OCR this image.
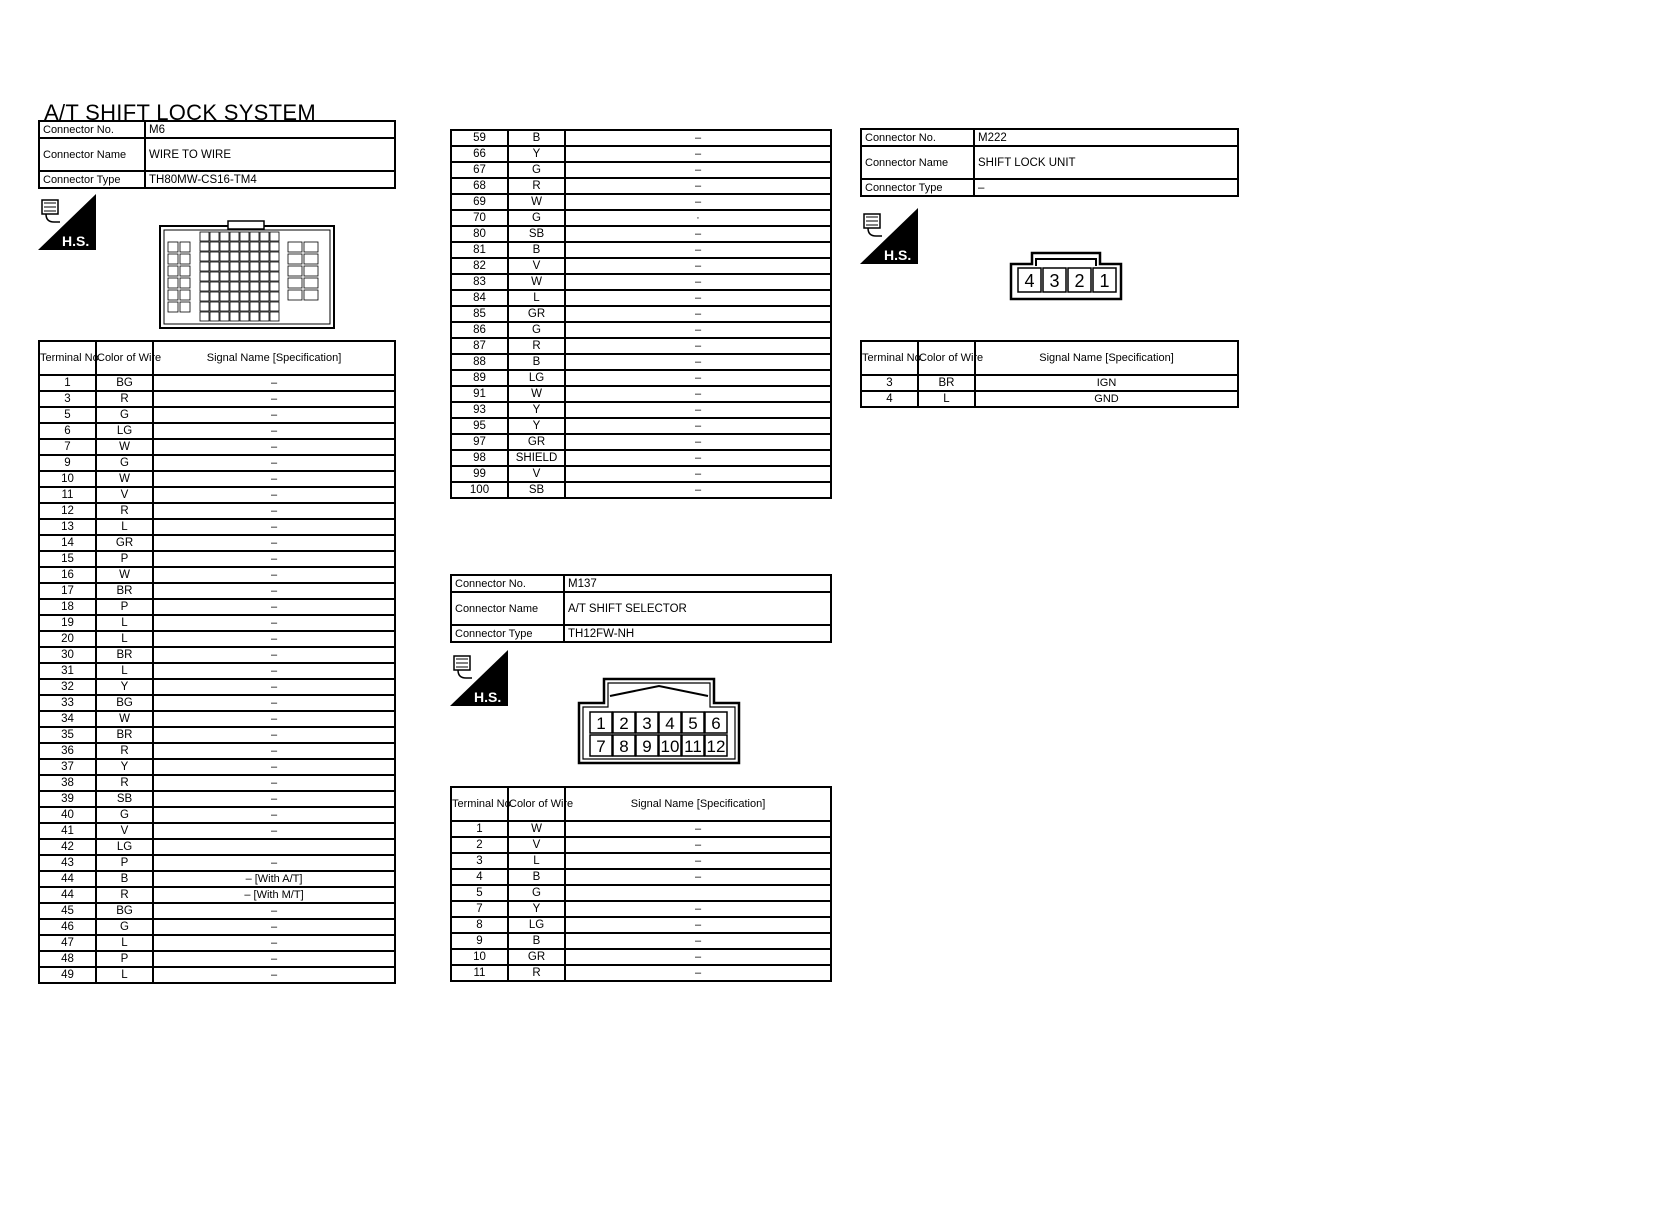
A/T SHIFT LOCK SYSTEM
Connector No.	M6
Connector Name	WIRE TO WIRE
Connector Type	TH80MW-CS16-TM4
H.S.
Terminal No.	Color of Wire	Signal Name [Specification]
1	BG	–
3	R	–
5	G	–
6	LG	–
7	W	–
9	G	–
10	W	–
11	V	–
12	R	–
13	L	–
14	GR	–
15	P	–
16	W	–
17	BR	–
18	P	–
19	L	–
20	L	–
30	BR	–
31	L	–
32	Y	–
33	BG	–
34	W	–
35	BR	–
36	R	–
37	Y	–
38	R	–
39	SB	–
40	G	–
41	V	–
42	LG	
43	P	–
44	B	– [With A/T]
44	R	– [With M/T]
45	BG	–
46	G	–
47	L	–
48	P	–
49	L	–
59	B	–
66	Y	–
67	G	–
68	R	–
69	W	–
70	G	·
80	SB	–
81	B	–
82	V	–
83	W	–
84	L	–
85	GR	–
86	G	–
87	R	–
88	B	–
89	LG	–
91	W	–
93	Y	–
95	Y	–
97	GR	–
98	SHIELD	–
99	V	–
100	SB	–
Connector No.	M137
Connector Name	A/T SHIFT SELECTOR
Connector Type	TH12FW-NH
H.S.
1 2 3 4 5 6
7 8 9 10 11 12
Terminal No.	Color of Wire	Signal Name [Specification]
1	W	–
2	V	–
3	L	–
4	B	–
5	G	
7	Y	–
8	LG	–
9	B	–
10	GR	–
11	R	–
Connector No.	M222
Connector Name	SHIFT LOCK UNIT
Connector Type	–
H.S.
4 3 2 1
Terminal No.	Color of Wire	Signal Name [Specification]
3	BR	IGN
4	L	GND
